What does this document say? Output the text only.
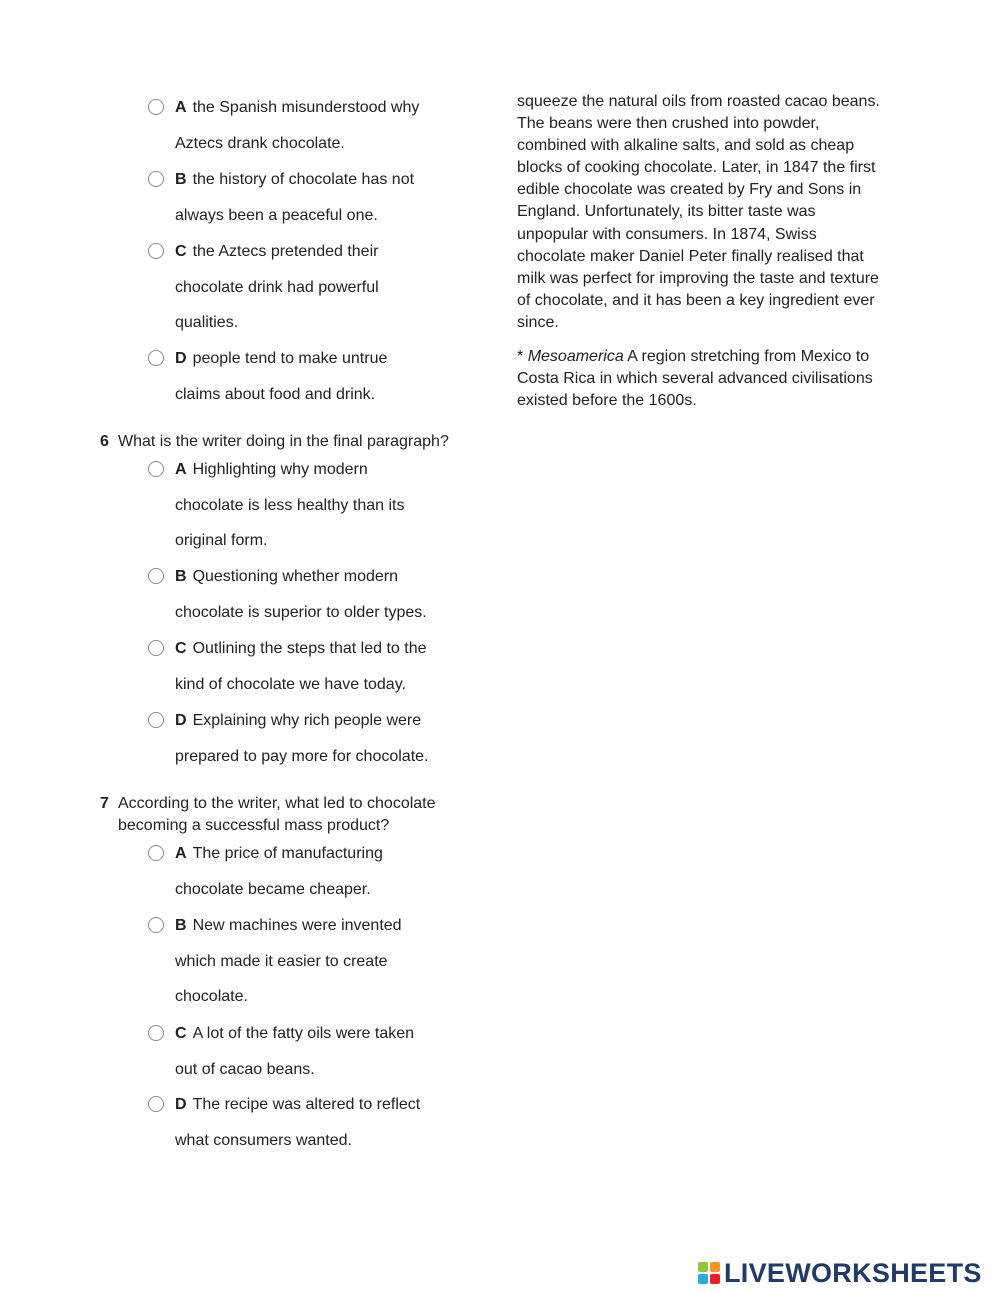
A the Spanish misunderstood why
Aztecs drank chocolate.
B the history of chocolate has not
always been a peaceful one.
C the Aztecs pretended their
chocolate drink had powerful
qualities.
D people tend to make untrue
claims about food and drink.
6 What is the writer doing in the final paragraph?
A Highlighting why modern
chocolate is less healthy than its
original form.
B Questioning whether modern
chocolate is superior to older types.
C Outlining the steps that led to the
kind of chocolate we have today.
D Explaining why rich people were
prepared to pay more for chocolate.
7 According to the writer, what led to chocolate
becoming a successful mass product?
A The price of manufacturing
chocolate became cheaper.
B New machines were invented
which made it easier to create
chocolate.
C A lot of the fatty oils were taken
out of cacao beans.
D The recipe was altered to reflect
what consumers wanted.
squeeze the natural oils from roasted cacao beans.
The beans were then crushed into powder,
combined with alkaline salts, and sold as cheap
blocks of cooking chocolate. Later, in 1847 the first
edible chocolate was created by Fry and Sons in
England. Unfortunately, its bitter taste was
unpopular with consumers. In 1874, Swiss
chocolate maker Daniel Peter finally realised that
milk was perfect for improving the taste and texture
of chocolate, and it has been a key ingredient ever
since.
* Mesoamerica A region stretching from Mexico to
Costa Rica in which several advanced civilisations
existed before the 1600s.
LIVEWORKSHEETS
